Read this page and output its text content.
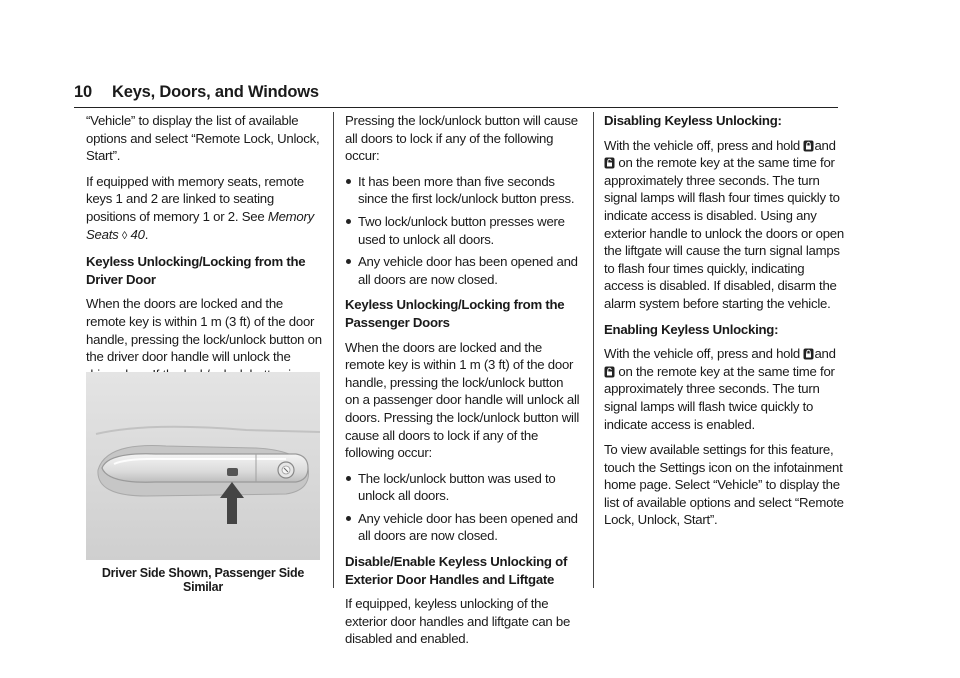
10 Keys, Doors, and Windows

“Vehicle” to display the list of available options and select “Remote Lock, Unlock, Start”.

If equipped with memory seats, remote keys 1 and 2 are linked to seating positions of memory 1 or 2. See Memory Seats ◊ 40.

Keyless Unlocking/Locking from the Driver Door

When the doors are locked and the remote key is within 1 m (3 ft) of the door handle, pressing the lock/unlock button on the driver door handle will unlock the

Driver Side Shown, Passenger Side Similar

Pressing the lock/unlock button will cause all doors to lock if any of the following occur:

It has been more than five seconds since the first lock/unlock button press.
Two lock/unlock button presses were used to unlock all doors.
Any vehicle door has been opened and all doors are now closed.

Keyless Unlocking/Locking from the Passenger Doors

When the doors are locked and the remote key is within 1 m (3 ft) of the door handle, pressing the lock/unlock button on a passenger door handle will unlock all doors. Pressing the lock/unlock button will cause all doors to lock if any of the following occur:

The lock/unlock button was used to unlock all doors.
Any vehicle door has been opened and all doors are now closed.

Disable/Enable Keyless Unlocking of Exterior Door Handles and Liftgate

If equipped, keyless unlocking of the exterior door handles and liftgate can be disabled and enabled.

Disabling Keyless Unlocking:

With the vehicle off, press and hold and
on the remote key at the same time for approximately three seconds. The turn signal lamps will flash four times quickly to indicate access is disabled. Using any exterior handle to unlock the doors or open the liftgate will cause the turn signal lamps to flash four times quickly, indicating access is disabled. If disabled, disarm the alarm system before starting the vehicle.

Enabling Keyless Unlocking:

With the vehicle off, press and hold and
on the remote key at the same time for approximately three seconds. The turn signal lamps will flash twice quickly to indicate access is enabled.

To view available settings for this feature, touch the Settings icon on the infotainment home page. Select “Vehicle” to display the list of available options and select “Remote Lock, Unlock, Start”.
